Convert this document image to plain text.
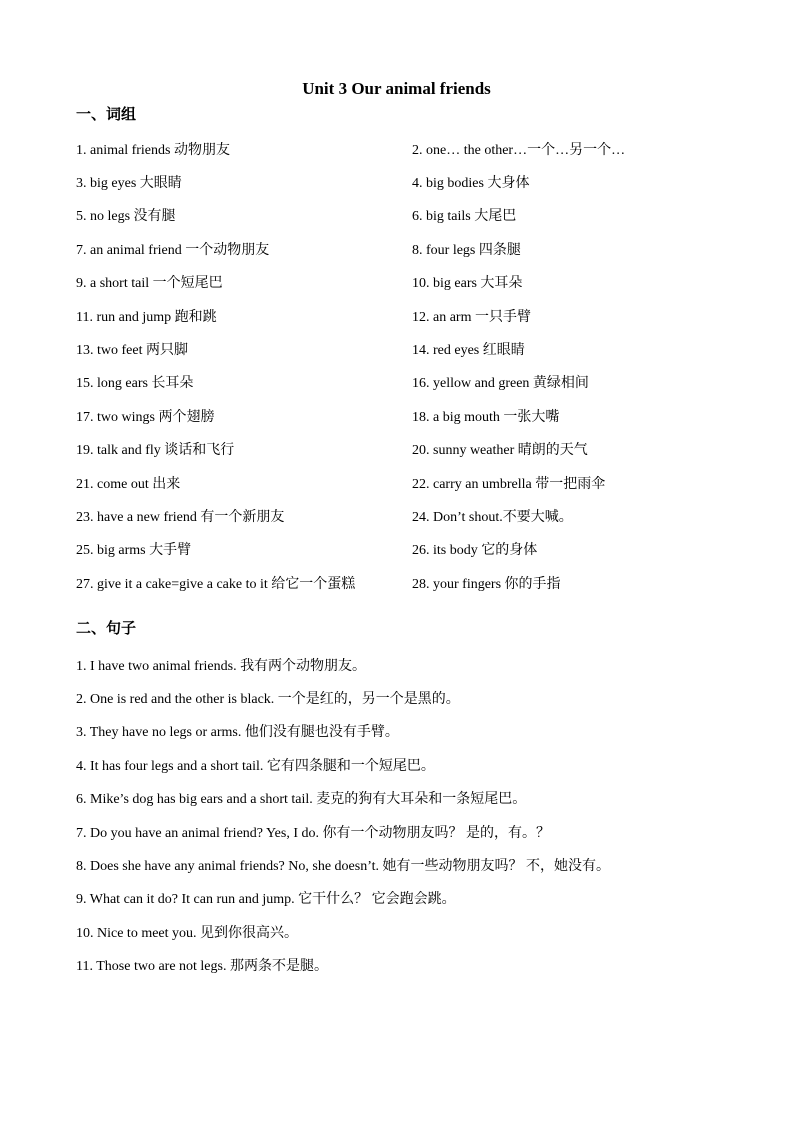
Unit 3 Our animal friends
一、词组
1. animal friends 动物朋友	2. one… the other…一个…另一个…
3. big eyes 大眼睛	4. big bodies 大身体
5. no legs 没有腿	6. big tails 大尾巴
7. an animal friend 一个动物朋友	8. four legs 四条腿
9. a short tail 一个短尾巴	10. big ears 大耳朵
11. run and jump 跑和跳	12. an arm 一只手臂
13. two feet 两只脚	14. red eyes 红眼睛
15. long ears 长耳朵	16. yellow and green 黄绿相间
17. two wings 两个翅膀	18. a big mouth 一张大嘴
19. talk and fly 谈话和飞行	20. sunny weather 晴朗的天气
21. come out 出来	22. carry an umbrella 带一把雨伞
23. have a new friend 有一个新朋友	24. Don’t shout.不要大喊。
25. big arms 大手臂	26. its body 它的身体
27. give it a cake=give a cake to it 给它一个蛋糕	28. your fingers 你的手指
二、句子
1. I have two animal friends. 我有两个动物朋友。
2. One is red and the other is black. 一个是红的，另一个是黑的。
3. They have no legs or arms. 他们没有腿也没有手臂。
4. It has four legs and a short tail. 它有四条腿和一个短尾巴。
6. Mike’s dog has big ears and a short tail. 麦克的狗有大耳朵和一条短尾巴。
7. Do you have an animal friend? Yes, I do. 你有一个动物朋友吗？ 是的，有。？
8. Does she have any animal friends? No, she doesn’t. 她有一些动物朋友吗？ 不，她没有。
9. What can it do? It can run and jump. 它干什么？ 它会跑会跳。
10. Nice to meet you. 见到你很高兴。
11. Those two are not legs. 那两条不是腿。
